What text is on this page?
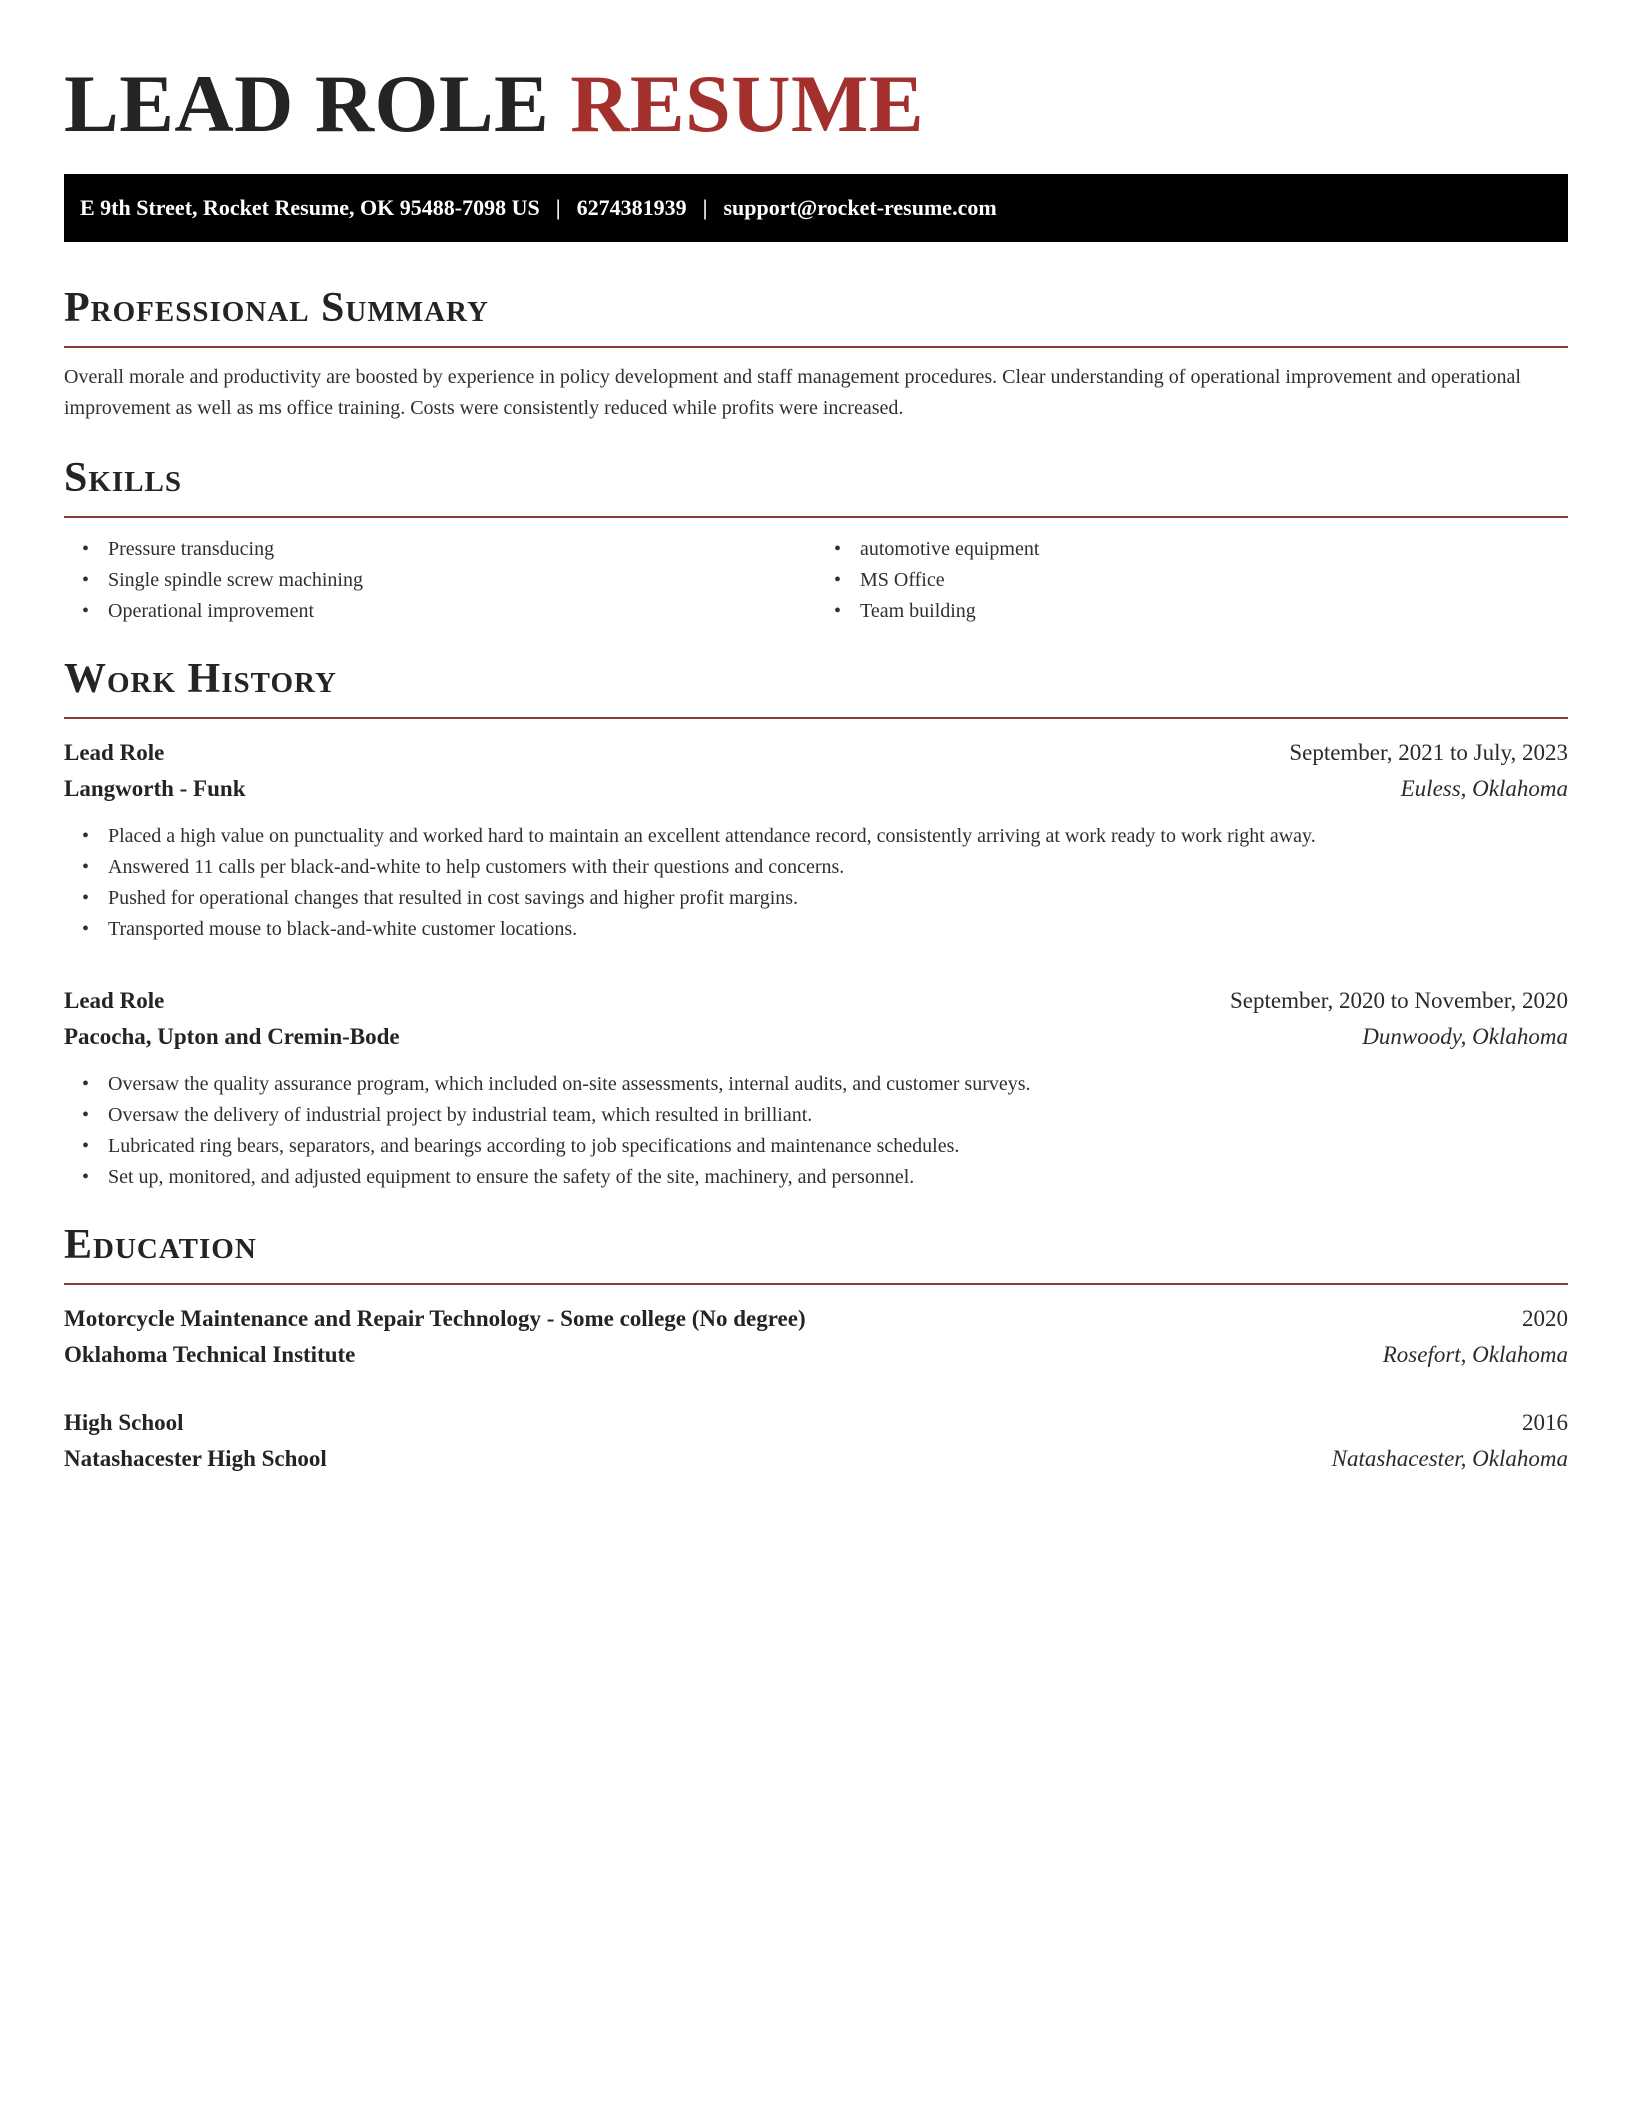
LEAD ROLE RESUME
E 9th Street, Rocket Resume, OK 95488-7098 US | 6274381939 | support@rocket-resume.com
Professional Summary

Overall morale and productivity are boosted by experience in policy development and staff management procedures. Clear understanding of operational improvement and operational improvement as well as ms office training. Costs were consistently reduced while profits were increased.

Skills
• Pressure transducing
• Single spindle screw machining
• Operational improvement
• automotive equipment
• MS Office
• Team building
Work History
Lead Role	September, 2021 to July, 2023
Langworth - Funk	Euless, Oklahoma
• Placed a high value on punctuality and worked hard to maintain an excellent attendance record, consistently arriving at work ready to work right away.
• Answered 11 calls per black-and-white to help customers with their questions and concerns.
• Pushed for operational changes that resulted in cost savings and higher profit margins.
• Transported mouse to black-and-white customer locations.
Lead Role	September, 2020 to November, 2020
Pacocha, Upton and Cremin-Bode	Dunwoody, Oklahoma
• Oversaw the quality assurance program, which included on-site assessments, internal audits, and customer surveys.
• Oversaw the delivery of industrial project by industrial team, which resulted in brilliant.
• Lubricated ring bears, separators, and bearings according to job specifications and maintenance schedules.
• Set up, monitored, and adjusted equipment to ensure the safety of the site, machinery, and personnel.
Education
Motorcycle Maintenance and Repair Technology - Some college (No degree)	2020
Oklahoma Technical Institute	Rosefort, Oklahoma
High School	2016
Natashacester High School	Natashacester, Oklahoma
